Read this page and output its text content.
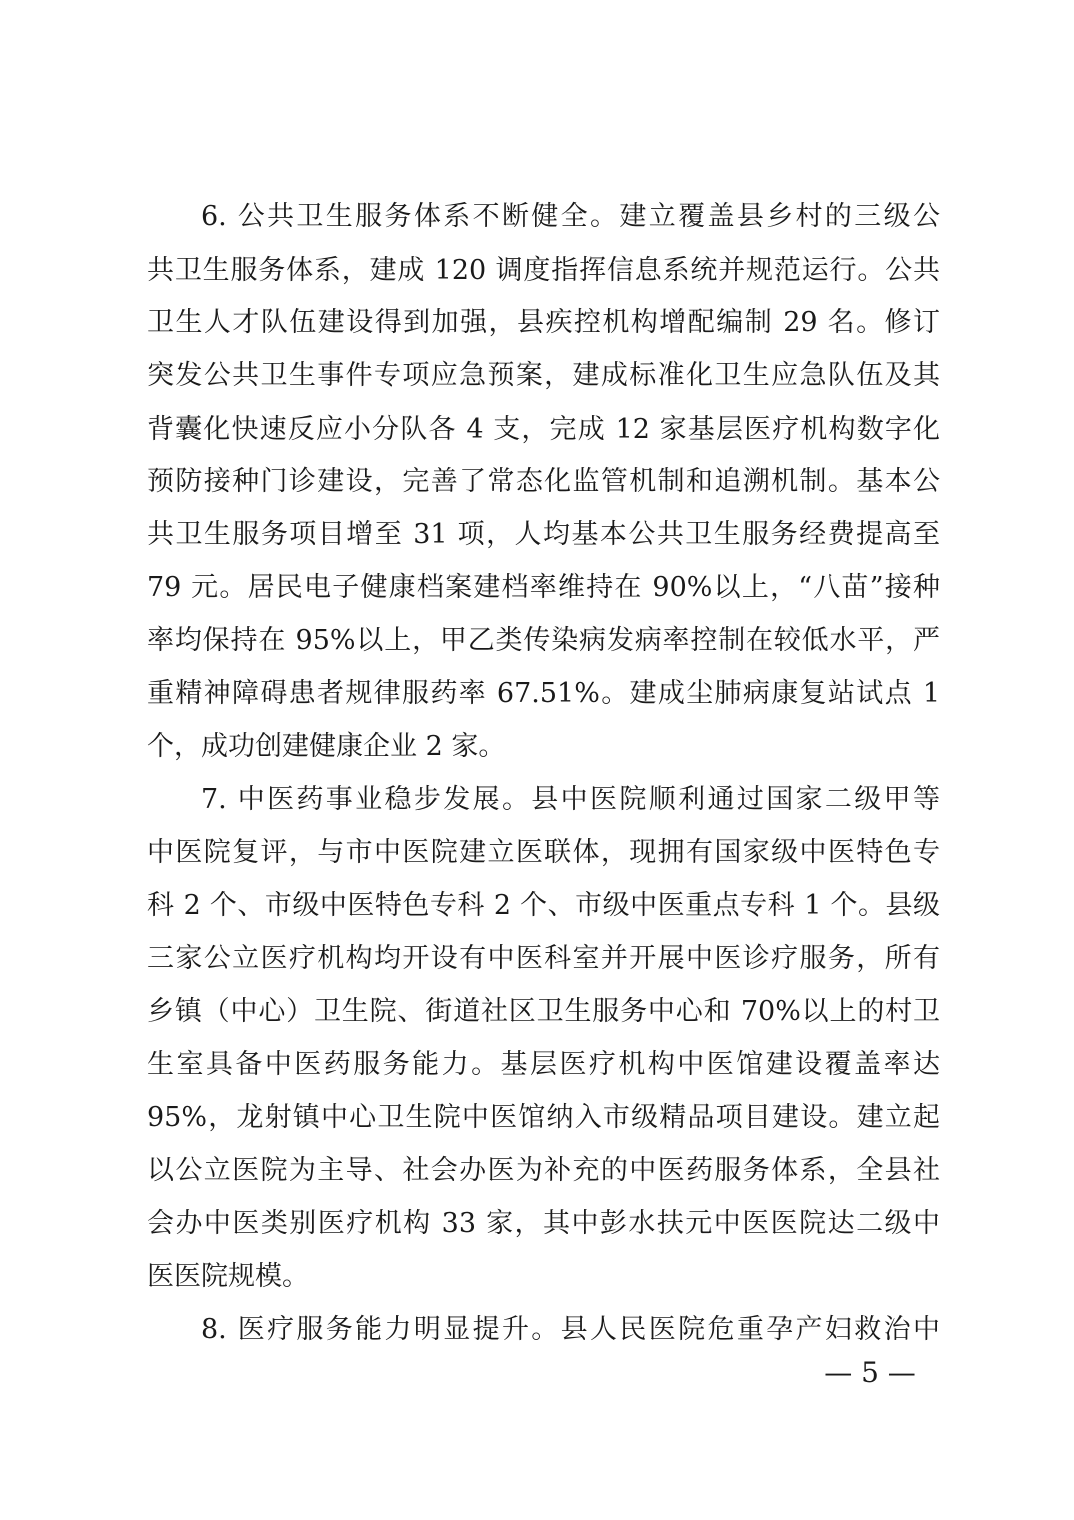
6. 公共卫生服务体系不断健全。建立覆盖县乡村的三级公
共卫生服务体系，建成 120 调度指挥信息系统并规范运行。公共
卫生人才队伍建设得到加强，县疾控机构增配编制 29 名。修订
突发公共卫生事件专项应急预案，建成标准化卫生应急队伍及其
背囊化快速反应小分队各 4 支，完成 12 家基层医疗机构数字化
预防接种门诊建设，完善了常态化监管机制和追溯机制。基本公
共卫生服务项目增至 31 项，人均基本公共卫生服务经费提高至
79 元。居民电子健康档案建档率维持在 90%以上，“八苗”接种
率均保持在 95%以上，甲乙类传染病发病率控制在较低水平，严
重精神障碍患者规律服药率 67.51%。建成尘肺病康复站试点 1
个，成功创建健康企业 2 家。
7. 中医药事业稳步发展。县中医院顺利通过国家二级甲等
中医院复评，与市中医院建立医联体，现拥有国家级中医特色专
科 2 个、市级中医特色专科 2 个、市级中医重点专科 1 个。县级
三家公立医疗机构均开设有中医科室并开展中医诊疗服务，所有
乡镇（中心）卫生院、街道社区卫生服务中心和 70%以上的村卫
生室具备中医药服务能力。基层医疗机构中医馆建设覆盖率达
95%，龙射镇中心卫生院中医馆纳入市级精品项目建设。建立起
以公立医院为主导、社会办医为补充的中医药服务体系，全县社
会办中医类别医疗机构 33 家，其中彭水扶元中医医院达二级中
医医院规模。
8. 医疗服务能力明显提升。县人民医院危重孕产妇救治中
— 5 —
